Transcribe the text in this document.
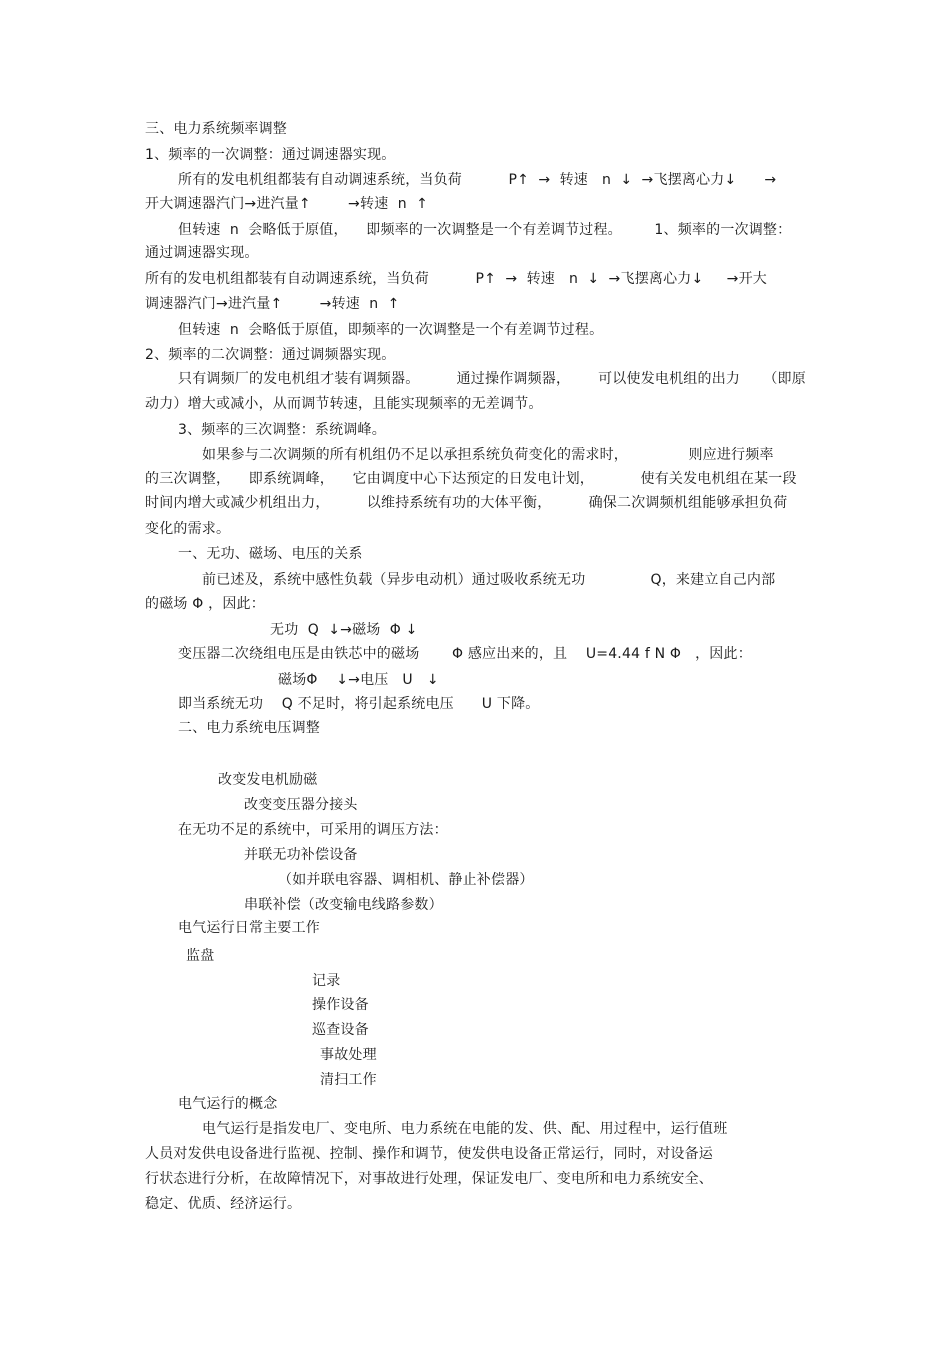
三、电力系统频率调整
1、频率的一次调整：通过调速器实现。
所有的发电机组都装有自动调速系统，当负荷          P↑  →  转速   n  ↓  →飞摆离心力↓      →
开大调速器汽门→进汽量↑        →转速  n  ↑
但转速  n  会略低于原值，    即频率的一次调整是一个有差调节过程。       1、频率的一次调整：
通过调速器实现。
所有的发电机组都装有自动调速系统，当负荷          P↑  →  转速   n  ↓  →飞摆离心力↓     →开大
调速器汽门→进汽量↑        →转速  n  ↑
但转速  n  会略低于原值，即频率的一次调整是一个有差调节过程。
2、频率的二次调整：通过调频器实现。
只有调频厂的发电机组才装有调频器。        通过操作调频器，      可以使发电机组的出力     （即原
动力）增大或减小，从而调节转速，且能实现频率的无差调节。
3、频率的三次调整：系统调峰。
如果参与二次调频的所有机组仍不足以承担系统负荷变化的需求时，             则应进行频率
的三次调整，    即系统调峰，    它由调度中心下达预定的日发电计划，          使有关发电机组在某一段
时间内增大或减少机组出力，        以维持系统有功的大体平衡，        确保二次调频机组能够承担负荷
变化的需求。
一、无功、磁场、电压的关系
前已述及，系统中感性负载（异步电动机）通过吸收系统无功              Q，来建立自己内部
的磁场 Φ ，因此：
无功  Q  ↓→磁场  Φ ↓
变压器二次绕组电压是由铁芯中的磁场       Φ 感应出来的，且    U=4.44 f N Φ   ，因此：
磁场Φ    ↓→电压   U   ↓
即当系统无功    Q 不足时，将引起系统电压      U 下降。
二、电力系统电压调整
改变发电机励磁
改变变压器分接头
在无功不足的系统中，可采用的调压方法：
并联无功补偿设备
（如并联电容器、调相机、静止补偿器）
串联补偿（改变输电线路参数）
电气运行日常主要工作
监盘
记录
操作设备
巡查设备
事故处理
清扫工作
电气运行的概念
电气运行是指发电厂、变电所、电力系统在电能的发、供、配、用过程中，运行值班
人员对发供电设备进行监视、控制、操作和调节，使发供电设备正常运行，同时，对设备运
行状态进行分析，在故障情况下，对事故进行处理，保证发电厂、变电所和电力系统安全、
稳定、优质、经济运行。
